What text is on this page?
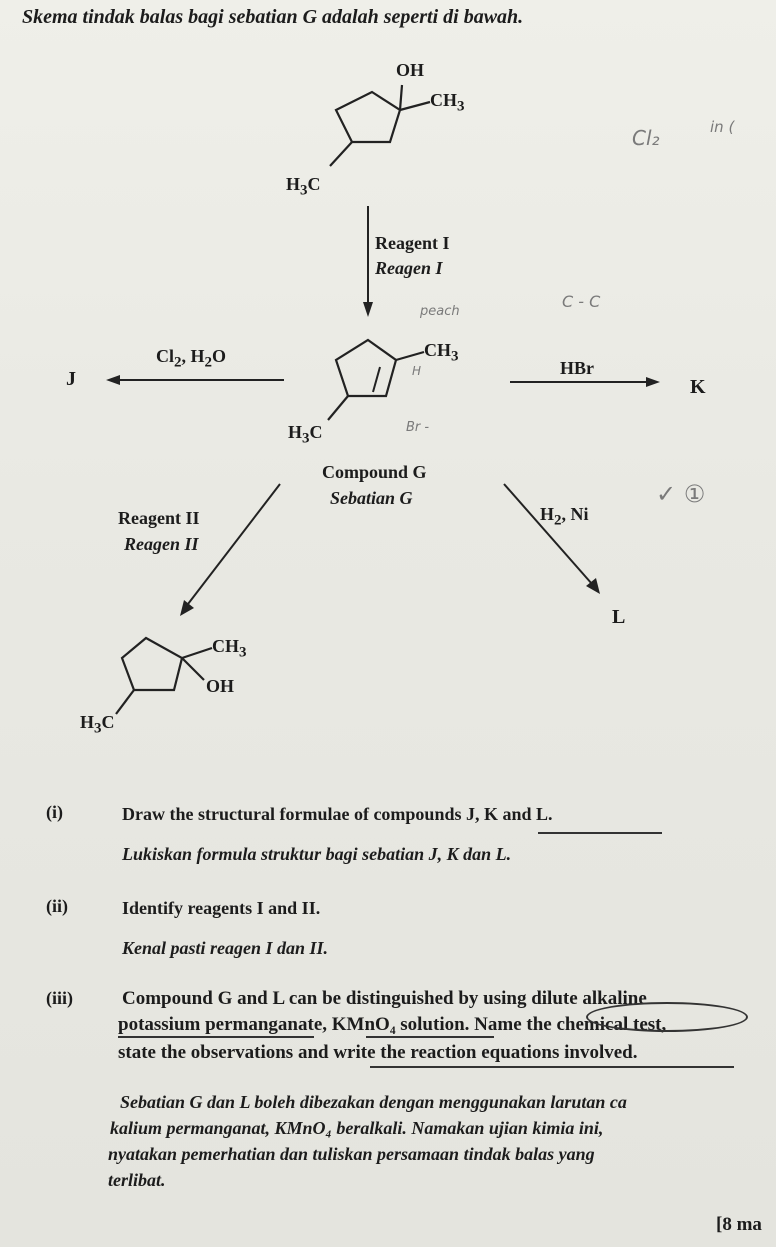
Skema tindak balas bagi sebatian G adalah seperti di bawah.
OH
$CH_3$
$H_3C$
Reagent I
Reagen I
$CH_3$
$H_3C$
Compound G
Sebatian G
$Cl_2$, $H_2O$
J	HBr
K
Reagent II
Reagen II
$H_2$, Ni
L
$CH_3$
OH
$H_3C$
Cl₂	in (
C - C
peach
Br -
H
✓ ①
(i)	Draw the structural formulae of compounds J, K and L.
Lukiskan formula struktur bagi sebatian J, K dan L.
(ii)	Identify reagents I and II.
Kenal pasti reagen I dan II.
(iii)	Compound G and L can be distinguished by using dilute alkaline
potassium permanganate, KMnO₄ solution. Name the chemical test,
state the observations and write the reaction equations involved.
Sebatian G dan L boleh dibezakan dengan menggunakan larutan ca
kalium permanganat, KMnO₄ beralkali. Namakan ujian kimia ini,
nyatakan pemerhatian dan tuliskan persamaan tindak balas yang
terlibat.
[8 ma
